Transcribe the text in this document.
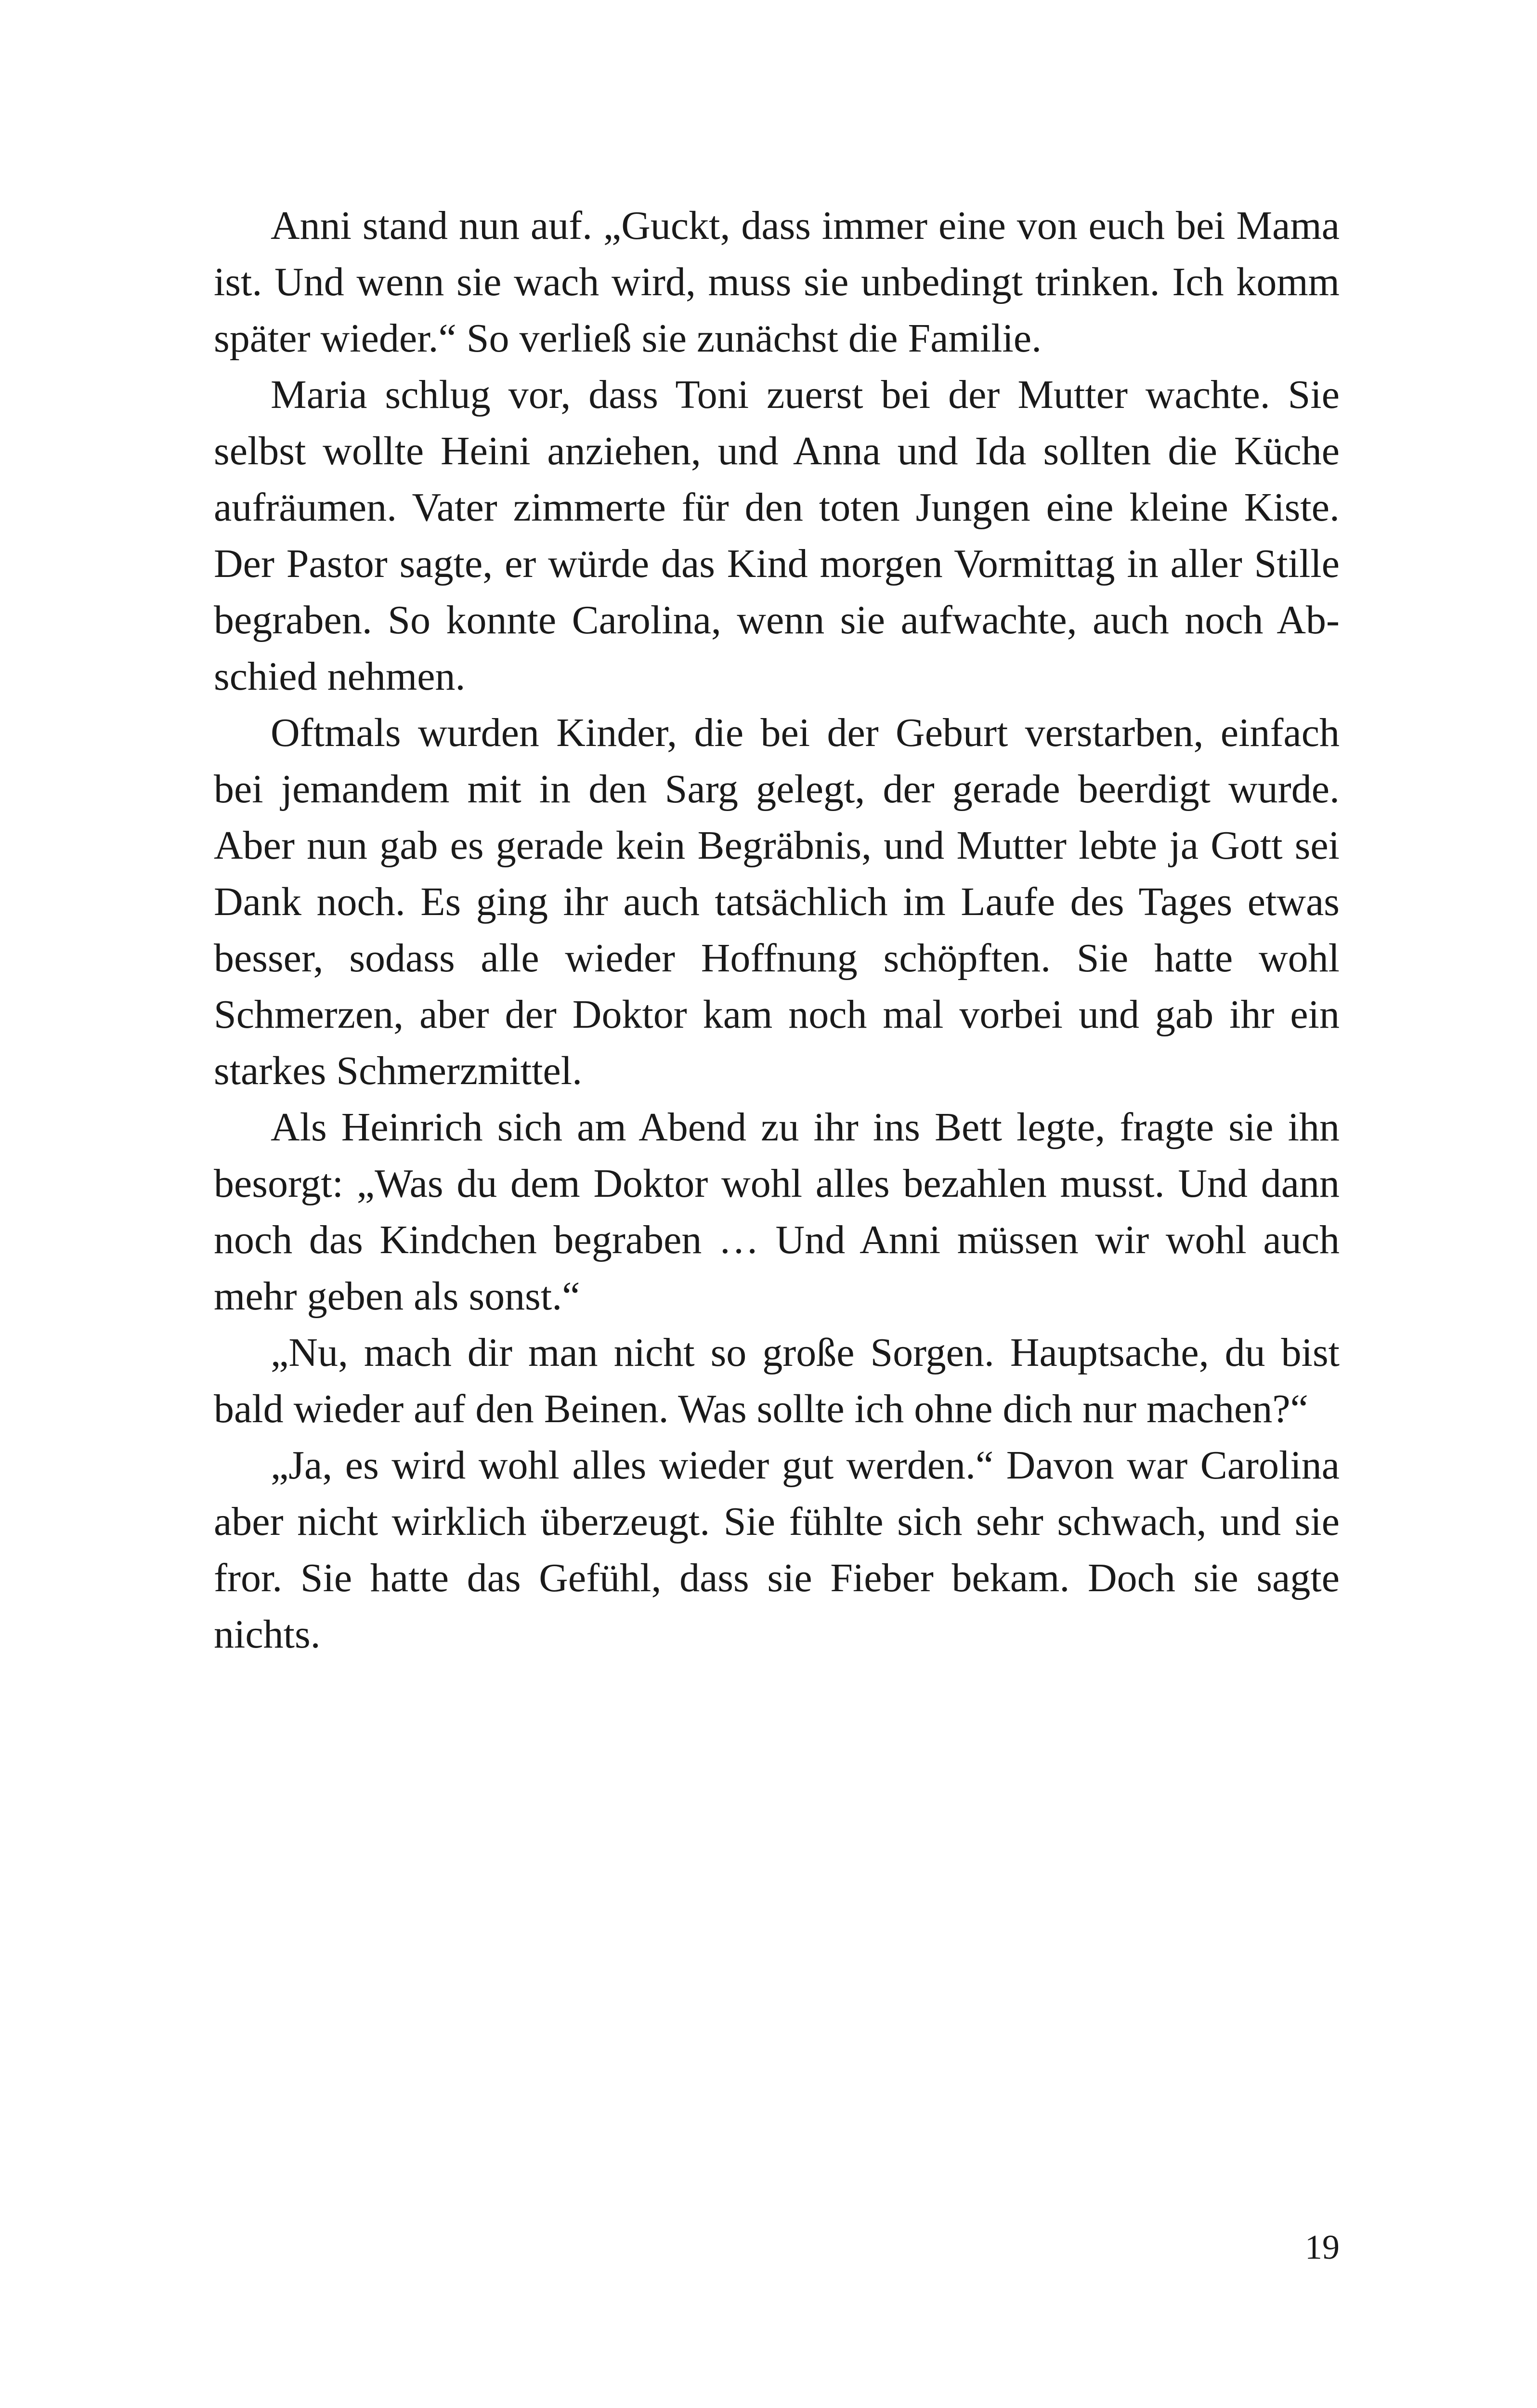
Anni stand nun auf. „Guckt, dass immer eine von euch bei Mama
ist. Und wenn sie wach wird, muss sie unbedingt trinken. Ich komm
später wieder.“ So verließ sie zunächst die Familie.
Maria schlug vor, dass Toni zuerst bei der Mutter wachte. Sie
selbst wollte Heini anziehen, und Anna und Ida sollten die Küche
aufräumen. Vater zimmerte für den toten Jungen eine kleine Kiste.
Der Pastor sagte, er würde das Kind morgen Vormittag in aller Stille
begraben. So konnte Carolina, wenn sie aufwachte, auch noch Ab-
schied nehmen.
Oftmals wurden Kinder, die bei der Geburt verstarben, einfach
bei jemandem mit in den Sarg gelegt, der gerade beerdigt wurde.
Aber nun gab es gerade kein Begräbnis, und Mutter lebte ja Gott sei
Dank noch. Es ging ihr auch tatsächlich im Laufe des Tages etwas
besser, sodass alle wieder Hoffnung schöpften. Sie hatte wohl
Schmerzen, aber der Doktor kam noch mal vorbei und gab ihr ein
starkes Schmerzmittel.
Als Heinrich sich am Abend zu ihr ins Bett legte, fragte sie ihn
besorgt: „Was du dem Doktor wohl alles bezahlen musst. Und dann
noch das Kindchen begraben … Und Anni müssen wir wohl auch
mehr geben als sonst.“
„Nu, mach dir man nicht so große Sorgen. Hauptsache, du bist
bald wieder auf den Beinen. Was sollte ich ohne dich nur machen?“
„Ja, es wird wohl alles wieder gut werden.“ Davon war Carolina
aber nicht wirklich überzeugt. Sie fühlte sich sehr schwach, und sie
fror. Sie hatte das Gefühl, dass sie Fieber bekam. Doch sie sagte
nichts.
19
